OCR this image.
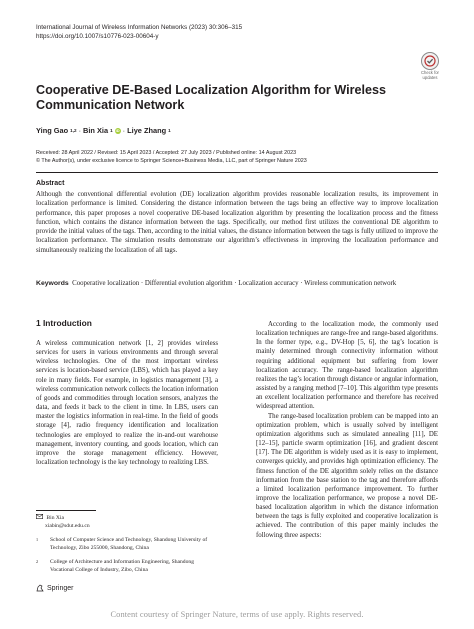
International Journal of Wireless Information Networks (2023) 30:306–315
https://doi.org/10.1007/s10776-023-00604-y
Check for updates
Cooperative DE-Based Localization Algorithm for Wireless Communication Network
Ying Gao 1,2 · Bin Xia 1 iD · Liye Zhang 1
Received: 28 April 2022 / Revised: 15 April 2023 / Accepted: 27 July 2023 / Published online: 14 August 2023
© The Author(s), under exclusive licence to Springer Science+Business Media, LLC, part of Springer Nature 2023
Abstract
Although the conventional differential evolution (DE) localization algorithm provides reasonable localization results, its improvement in localization performance is limited. Considering the distance information between the tags being an effective way to improve localization performance, this paper proposes a novel cooperative DE-based localization algorithm by presenting the localization process and the fitness function, which contains the distance information between the tags. Specifically, our method first utilizes the conventional DE algorithm to provide the initial values of the tags. Then, according to the initial values, the distance information between the tags is fully utilized to improve the localization performance. The simulation results demonstrate our algorithm’s effectiveness in improving the localization performance and simultaneously realizing the localization of all tags.
Keywords Cooperative localization · Differential evolution algorithm · Localization accuracy · Wireless communication network
1 Introduction

A wireless communication network [1, 2] provides wireless services for users in various environments and through several wireless technologies. One of the most important wireless services is location-based service (LBS), which has played a key role in many fields. For example, in logistics management [3], a wireless communication network collects the location information of goods and commodities through location sensors, analyzes the data, and feeds it back to the client in time. In LBS, users can master the logistics information in real-time. In the field of goods storage [4], radio frequency identification and localization technologies are employed to realize the in-and-out warehouse management, inventory counting, and goods location, which can improve the storage management efficiency. However, localization technology is the key technology to realizing LBS.

According to the localization mode, the commonly used localization techniques are range-free and range-based algorithms. In the former type, e.g., DV-Hop [5, 6], the tag’s location is mainly determined through connectivity information without requiring additional equipment but suffering from lower localization accuracy. The range-based localization algorithm realizes the tag’s location through distance or angular information, assisted by a ranging method [7–10]. This algorithm type presents an excellent localization performance and therefore has received widespread attention.

The range-based localization problem can be mapped into an optimization problem, which is usually solved by intelligent optimization algorithms such as simulated annealing [11], DE [12–15], particle swarm optimization [16], and gradient descent [17]. The DE algorithm is widely used as it is easy to implement, converges quickly, and provides high optimization efficiency. The fitness function of the DE algorithm solely relies on the distance information from the base station to the tag and therefore affords a limited localization performance improvement. To further improve the localization performance, we propose a novel DE-based localization algorithm in which the distance information between the tags is fully exploited and cooperative localization is achieved. The contribution of this paper mainly includes the following three aspects:

Bin Xia
xiabin@sdut.edu.cn
1	School of Computer Science and Technology, Shandong University of Technology, Zibo 255000, Shandong, China
2	College of Architecture and Information Engineering, Shandong Vocational College of Industry, Zibo, China
Springer
Content courtesy of Springer Nature, terms of use apply. Rights reserved.
